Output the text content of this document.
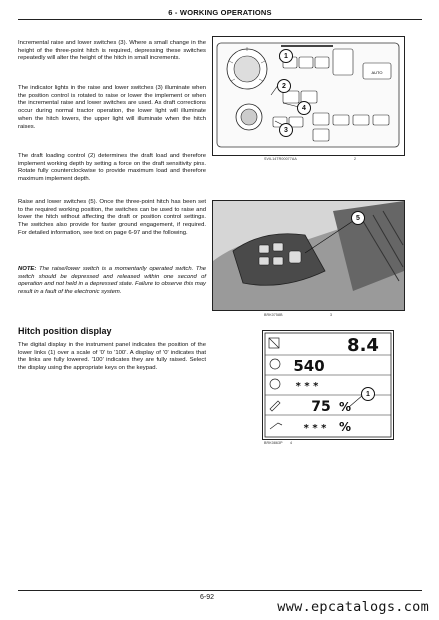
6 - WORKING OPERATIONS
Incremental raise and lower switches (3). Where a small change in the height of the three-point hitch is required, depressing these switches repeatedly will alter the height of the hitch in small increments.
The indicator lights in the raise and lower switches (3) illuminate when the position control is rotated to raise or lower the implement or when the incremental raise and lower switches are used. As draft corrections occur during normal tractor operation, the lower light will illuminate when the hitch lowers, the upper light will illuminate when the hitch raises.
The draft loading control (2) determines the draft load and therefore implement working depth by setting a force on the draft sensitivity pins. Rotate fully counterclockwise to provide maximum load and therefore maximum implement depth.
Raise and lower switches (5). Once the three-point hitch has been set to the required working position, the switches can be used to raise and lower the hitch without affecting the draft or position control settings. The switches also provide for faster ground engagement, if required. For detailed information, see text on page 6-97 and the following.
NOTE: The raise/lower switch is a momentarily operated switch. The switch should be depressed and released within one second of operation and not held in a depressed state. Failure to observe this may result in a fault of the electronic system.
Hitch position display
The digital display in the instrument panel indicates the position of the lower links (1) over a scale of '0' to '100'. A display of '0' indicates that the links are fully lowered. '100' indicates they are fully raised. Select the display using the appropriate keys on the keypad.
AUTO
1
2
4
3
SVIL14TR00077AA	2
5
BRK0758B	3
8.4
540
* * *
75 %
* * * %
1
BRK0863P 4
6-92
www.epcatalogs.com
